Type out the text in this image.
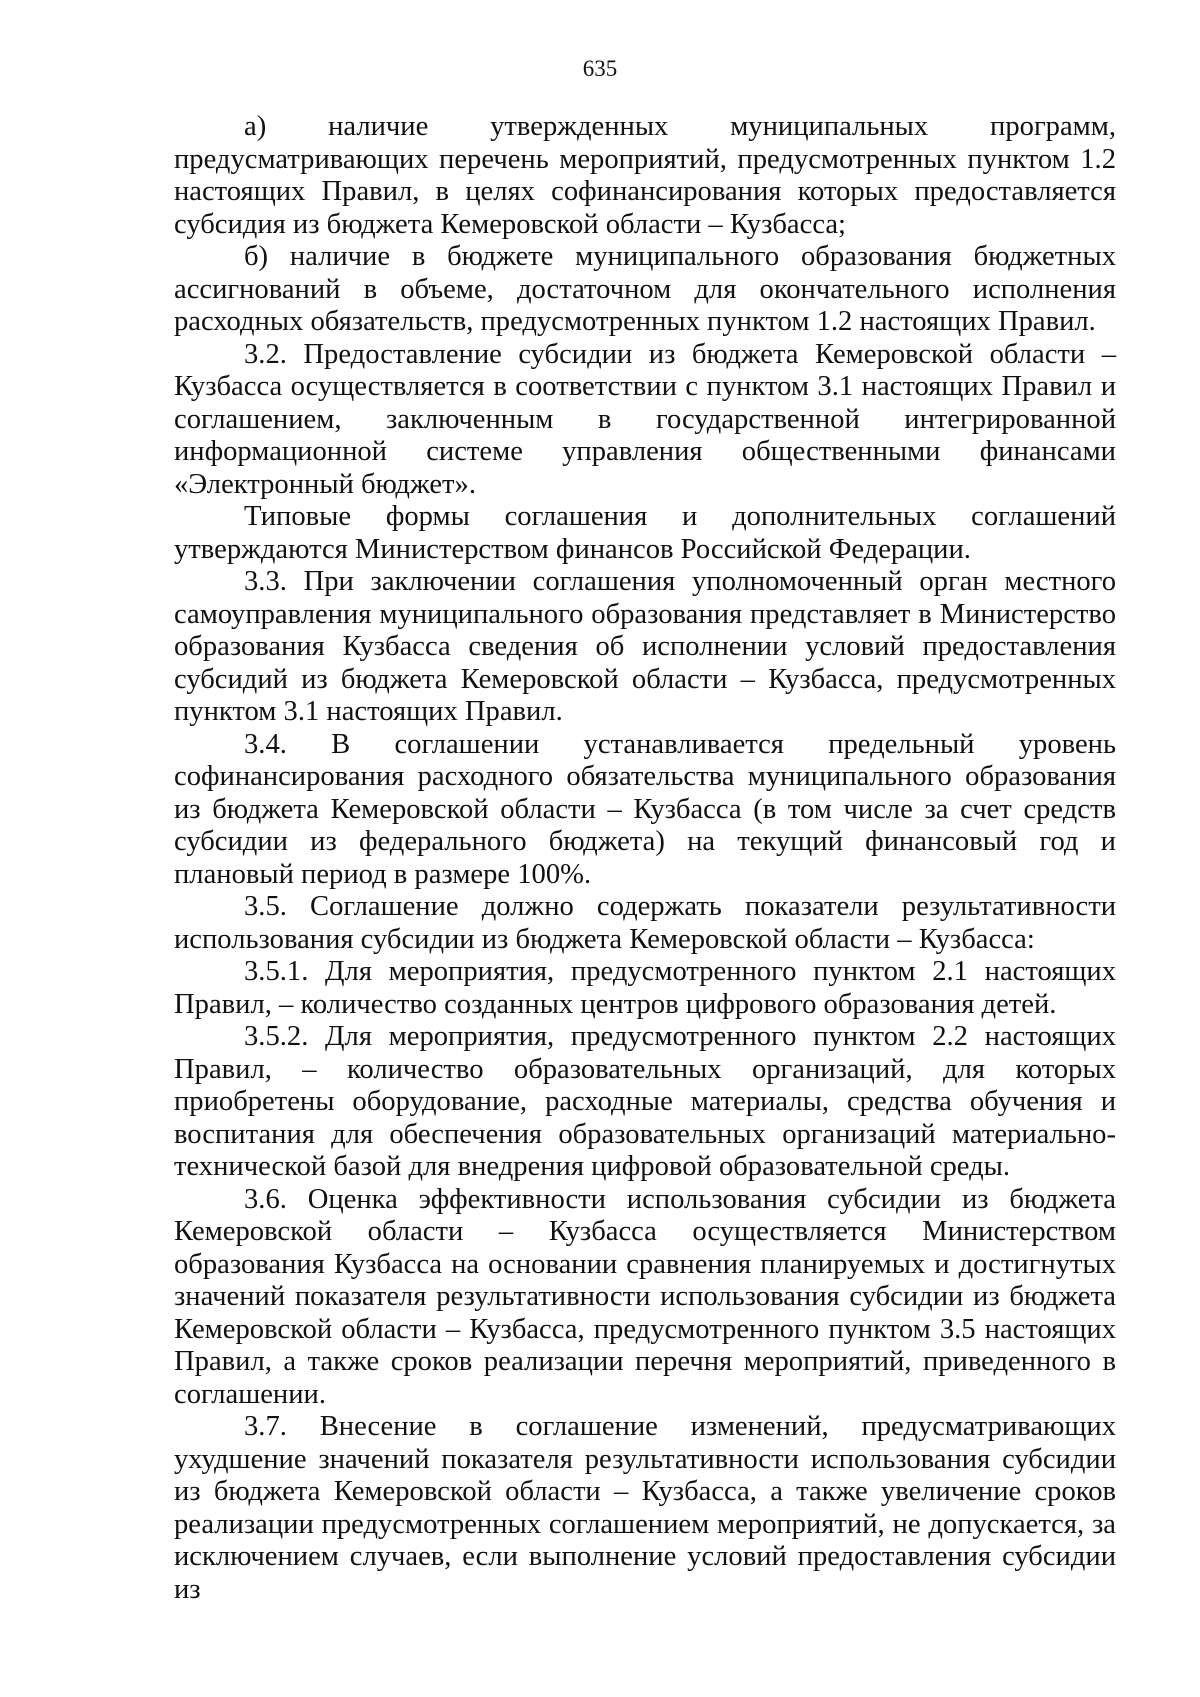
635

а) наличие утвержденных муниципальных программ, предусматривающих перечень мероприятий, предусмотренных пунктом 1.2 настоящих Правил, в целях софинансирования которых предоставляется субсидия из бюджета Кемеровской области – Кузбасса;

б) наличие в бюджете муниципального образования бюджетных ассигнований в объеме, достаточном для окончательного исполнения расходных обязательств, предусмотренных пунктом 1.2 настоящих Правил.

3.2. Предоставление субсидии из бюджета Кемеровской области – Кузбасса осуществляется в соответствии с пунктом 3.1 настоящих Правил и соглашением, заключенным в государственной интегрированной информационной системе управления общественными финансами «Электронный бюджет».

Типовые формы соглашения и дополнительных соглашений утверждаются Министерством финансов Российской Федерации.

3.3. При заключении соглашения уполномоченный орган местного самоуправления муниципального образования представляет в Министерство образования Кузбасса сведения об исполнении условий предоставления субсидий из бюджета Кемеровской области – Кузбасса, предусмотренных пунктом 3.1 настоящих Правил.

3.4. В соглашении устанавливается предельный уровень софинансирования расходного обязательства муниципального образования из бюджета Кемеровской области – Кузбасса (в том числе за счет средств субсидии из федерального бюджета) на текущий финансовый год и плановый период в размере 100%.

3.5. Соглашение должно содержать показатели результативности использования субсидии из бюджета Кемеровской области – Кузбасса:

3.5.1. Для мероприятия, предусмотренного пунктом 2.1 настоящих Правил, – количество созданных центров цифрового образования детей.

3.5.2. Для мероприятия, предусмотренного пунктом 2.2 настоящих Правил, – количество образовательных организаций, для которых приобретены оборудование, расходные материалы, средства обучения и воспитания для обеспечения образовательных организаций материально-технической базой для внедрения цифровой образовательной среды.

3.6. Оценка эффективности использования субсидии из бюджета Кемеровской области – Кузбасса осуществляется Министерством образования Кузбасса на основании сравнения планируемых и достигнутых значений показателя результативности использования субсидии из бюджета Кемеровской области – Кузбасса, предусмотренного пунктом 3.5 настоящих Правил, а также сроков реализации перечня мероприятий, приведенного в соглашении.

3.7. Внесение в соглашение изменений, предусматривающих ухудшение значений показателя результативности использования субсидии из бюджета Кемеровской области – Кузбасса, а также увеличение сроков реализации предусмотренных соглашением мероприятий, не допускается, за исключением случаев, если выполнение условий предоставления субсидии из
